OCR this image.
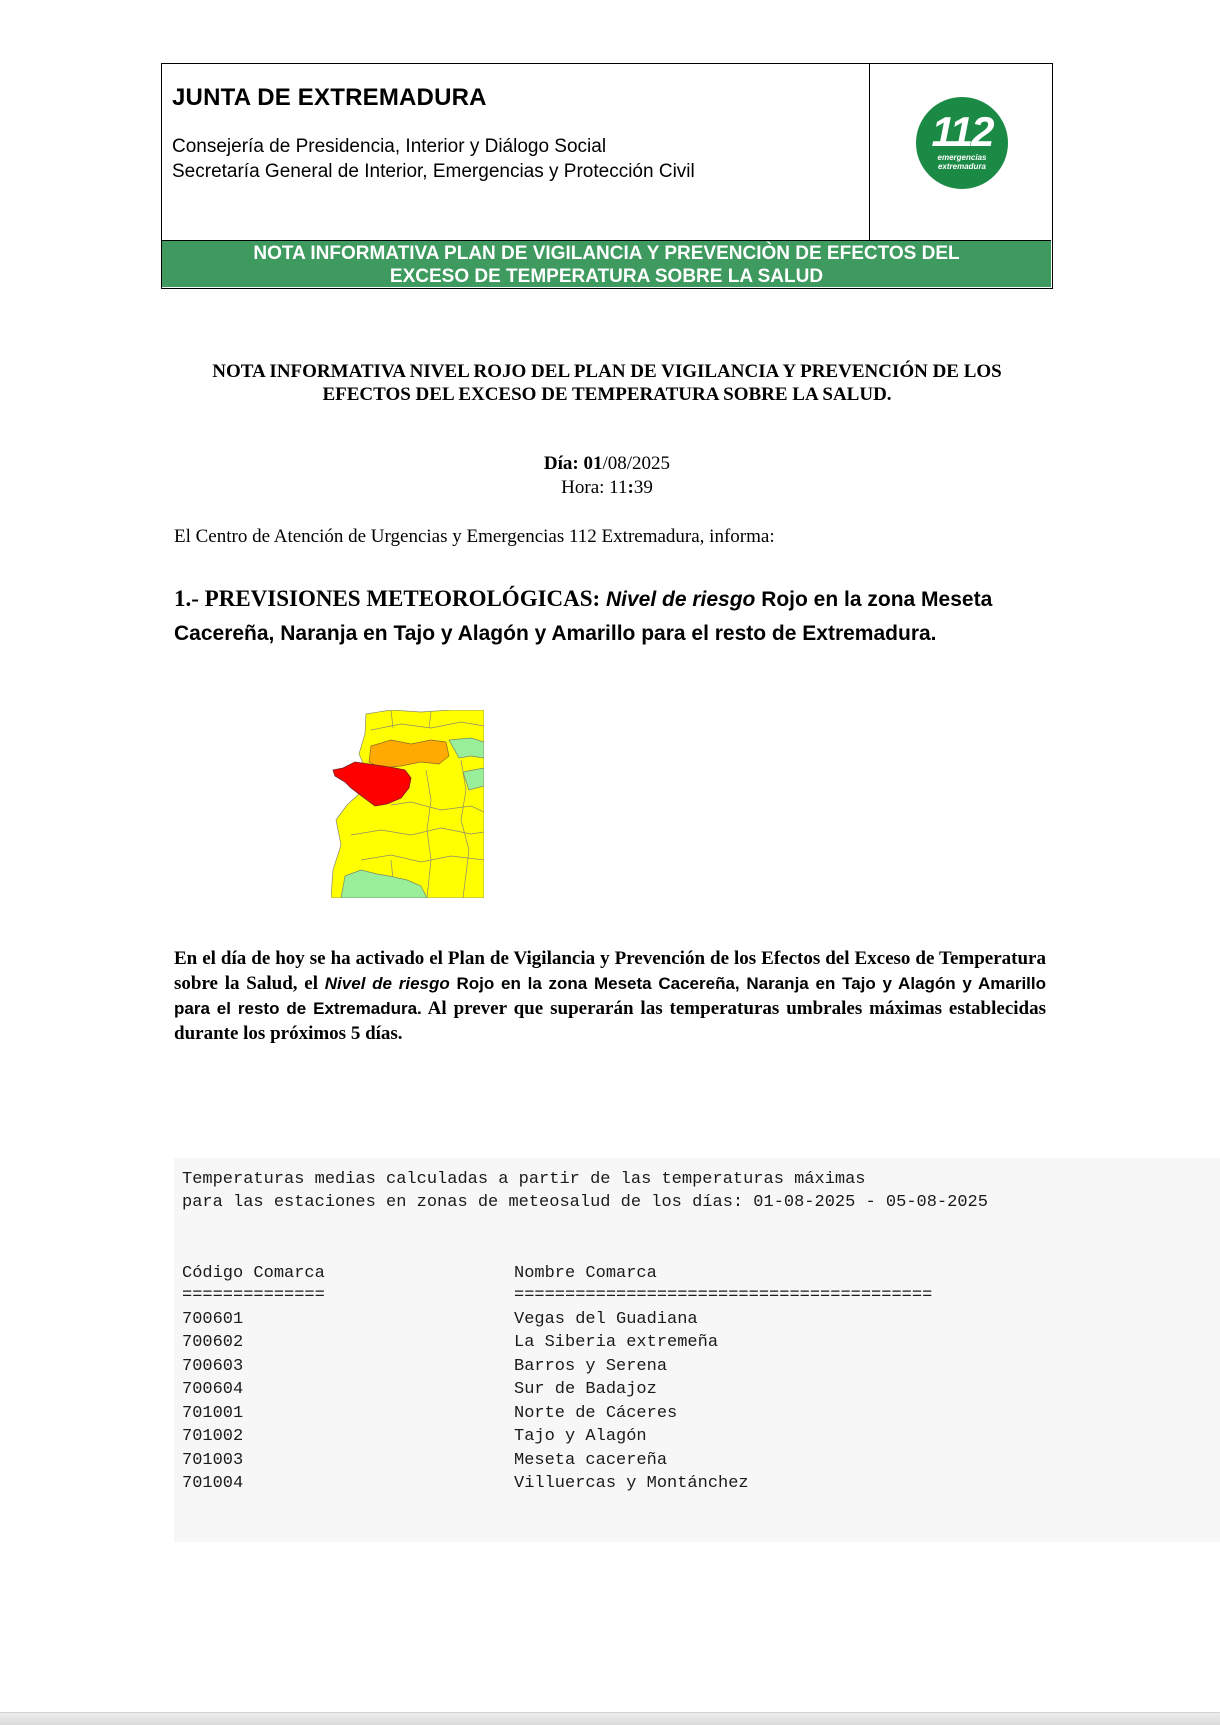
JUNTA DE EXTREMADURA
Consejería de Presidencia, Interior y Diálogo Social
Secretaría General de Interior, Emergencias y Protección Civil
112
emergencias
extremadura
NOTA INFORMATIVA PLAN DE VIGILANCIA Y PREVENCIÒN DE EFECTOS DEL
EXCESO DE TEMPERATURA SOBRE LA SALUD
NOTA INFORMATIVA NIVEL ROJO DEL PLAN DE VIGILANCIA Y PREVENCIÓN DE LOS
EFECTOS DEL EXCESO DE TEMPERATURA SOBRE LA SALUD.
Día: 01/08/2025
Hora: 11:39
El Centro de Atención de Urgencias y Emergencias 112 Extremadura, informa:
1.- PREVISIONES METEOROLÓGICAS: Nivel de riesgo Rojo en la zona Meseta Cacereña, Naranja en Tajo y Alagón y Amarillo para el resto de Extremadura.
En el día de hoy se ha activado el Plan de Vigilancia y Prevención de los Efectos del Exceso de Temperatura sobre la Salud, el Nivel de riesgo Rojo en la zona Meseta Cacereña, Naranja en Tajo y Alagón y Amarillo para el resto de Extremadura. Al prever que superarán las temperaturas umbrales máximas establecidas durante los próximos 5 días.
Temperaturas medias calculadas a partir de las temperaturas máximas
para las estaciones en zonas de meteosalud de los días: 01-08-2025 - 05-08-2025
Código Comarca	Nombre Comarca
==============	=========================================
700601	Vegas del Guadiana
700602	La Siberia extremeña
700603	Barros y Serena
700604	Sur de Badajoz
701001	Norte de Cáceres
701002	Tajo y Alagón
701003	Meseta cacereña
701004	Villuercas y Montánchez
